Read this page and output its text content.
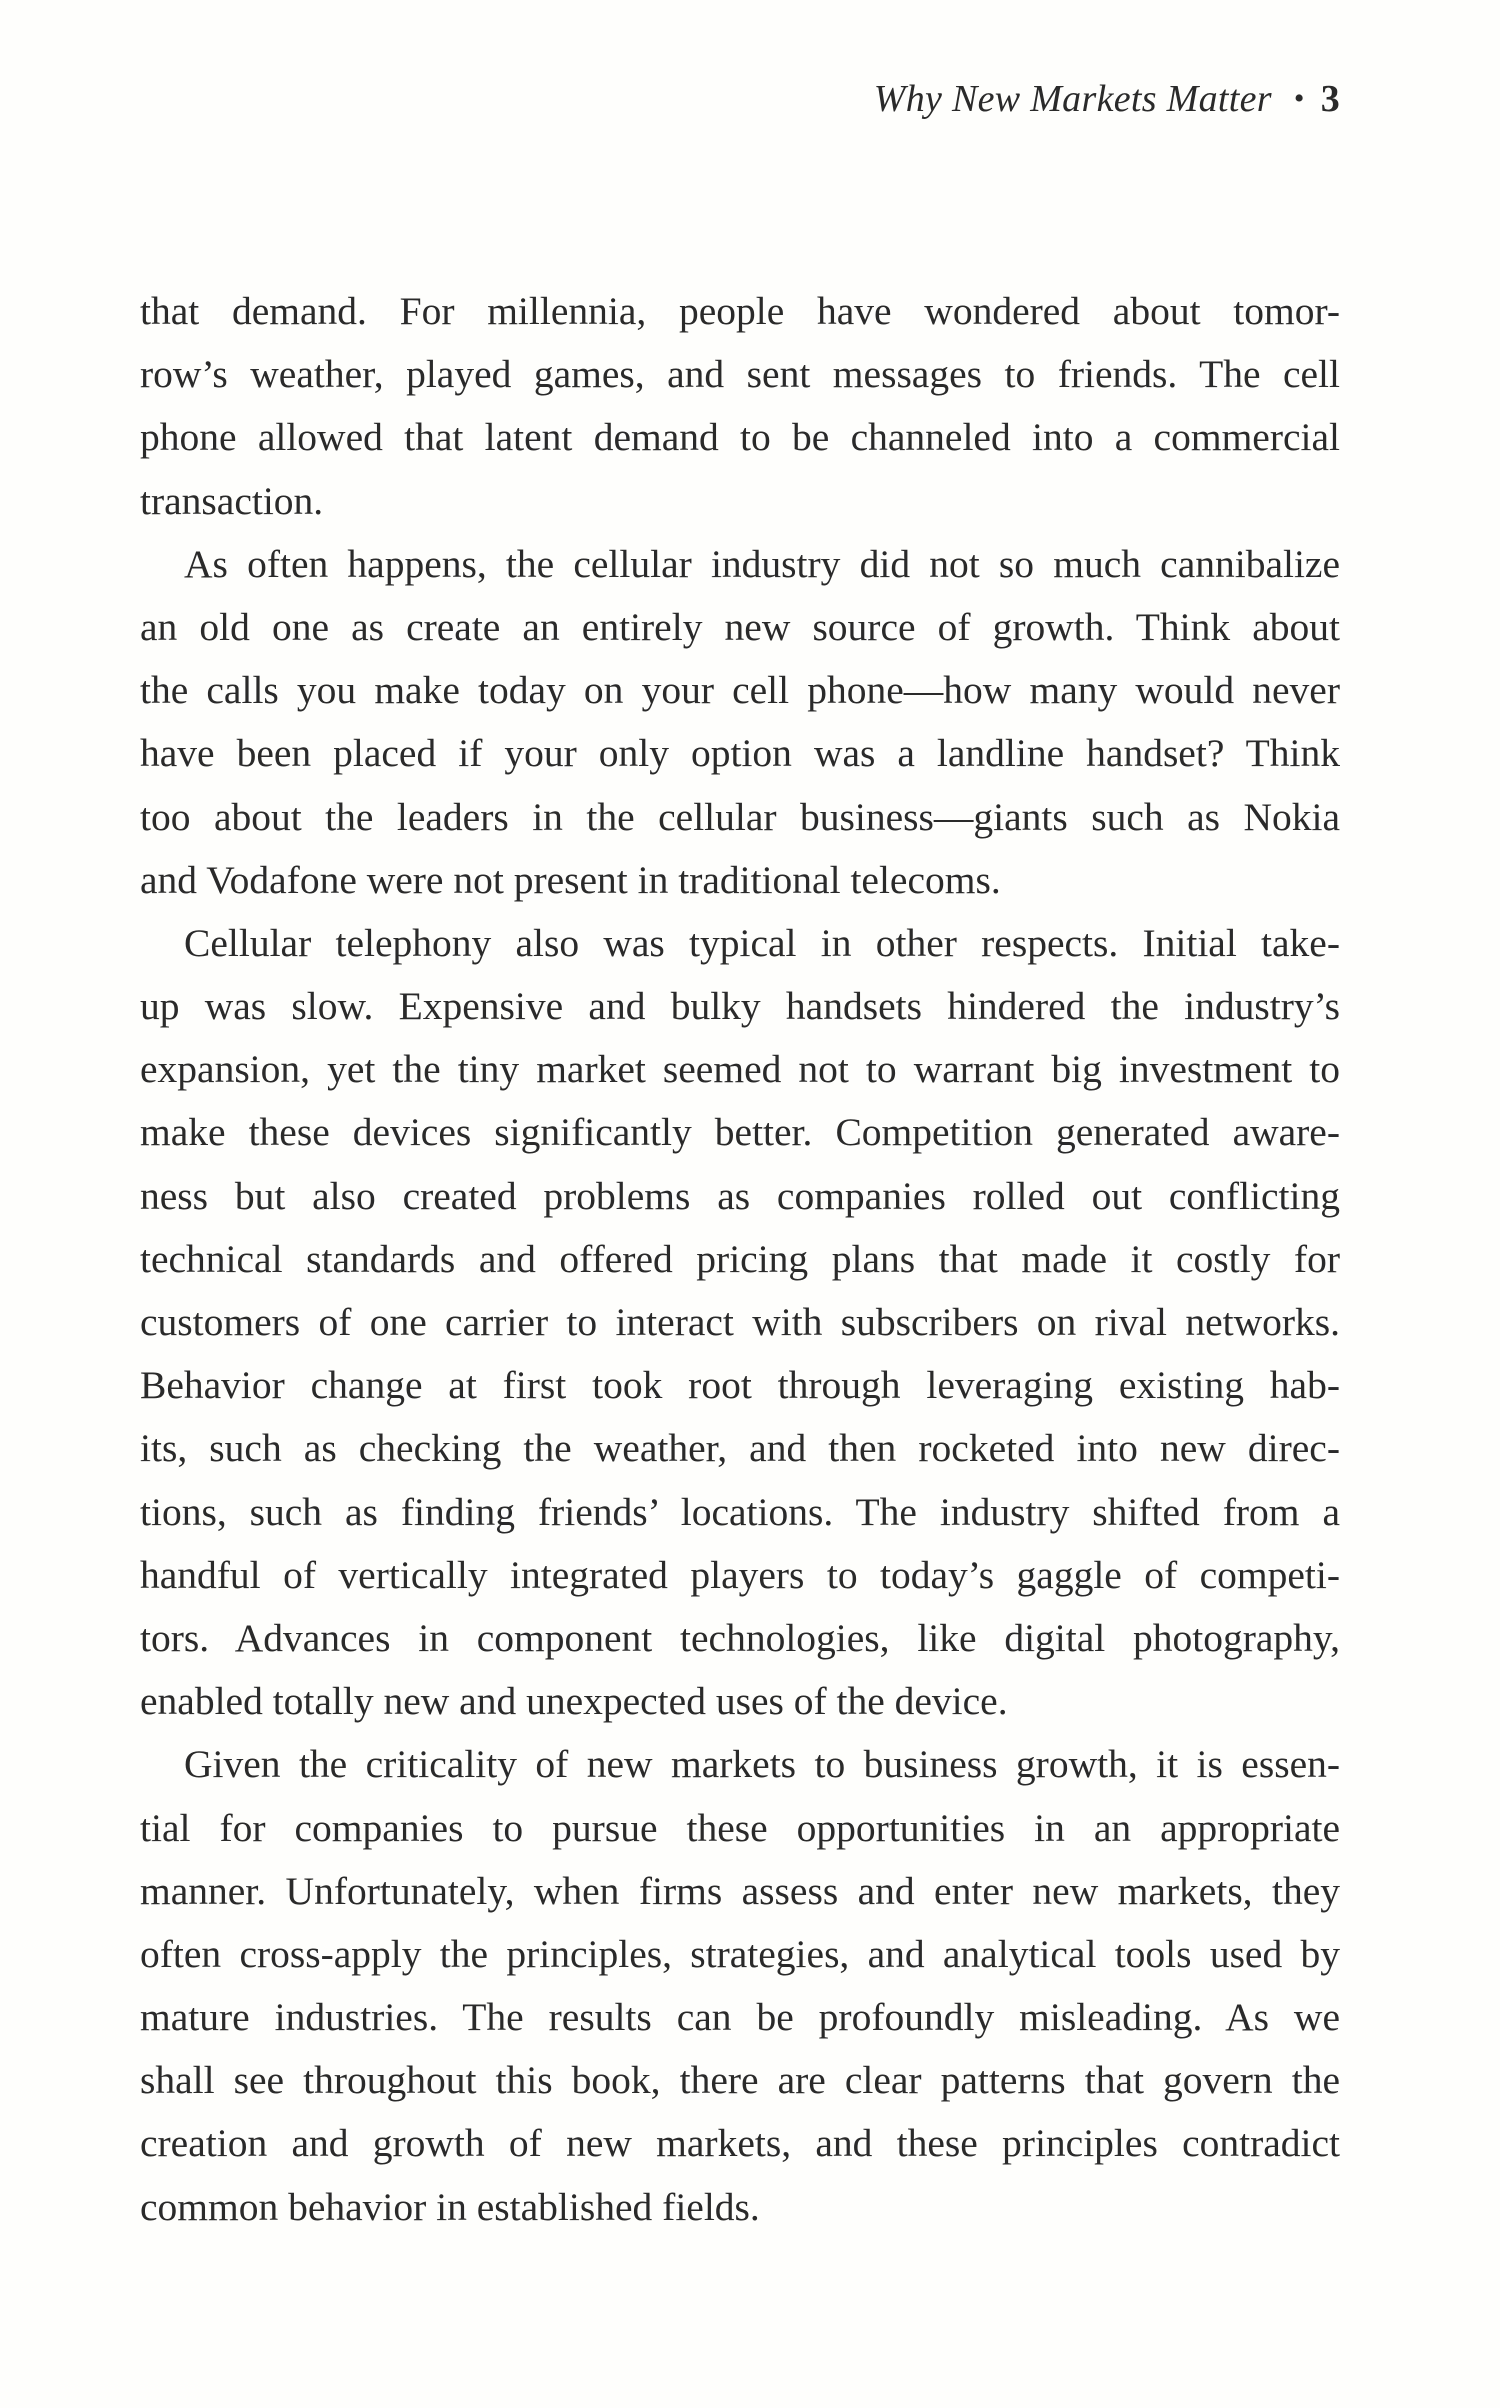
Why New Markets Matter • 3
that demand. For millennia, people have wondered about tomor-
row’s weather, played games, and sent messages to friends. The cell
phone allowed that latent demand to be channeled into a commercial
transaction.
As often happens, the cellular industry did not so much cannibalize
an old one as create an entirely new source of growth. Think about
the calls you make today on your cell phone—how many would never
have been placed if your only option was a landline handset? Think
too about the leaders in the cellular business—giants such as Nokia
and Vodafone were not present in traditional telecoms.
Cellular telephony also was typical in other respects. Initial take-
up was slow. Expensive and bulky handsets hindered the industry’s
expansion, yet the tiny market seemed not to warrant big investment to
make these devices significantly better. Competition generated aware-
ness but also created problems as companies rolled out conflicting
technical standards and offered pricing plans that made it costly for
customers of one carrier to interact with subscribers on rival networks.
Behavior change at first took root through leveraging existing hab-
its, such as checking the weather, and then rocketed into new direc-
tions, such as finding friends’ locations. The industry shifted from a
handful of vertically integrated players to today’s gaggle of competi-
tors. Advances in component technologies, like digital photography,
enabled totally new and unexpected uses of the device.
Given the criticality of new markets to business growth, it is essen-
tial for companies to pursue these opportunities in an appropriate
manner. Unfortunately, when firms assess and enter new markets, they
often cross-apply the principles, strategies, and analytical tools used by
mature industries. The results can be profoundly misleading. As we
shall see throughout this book, there are clear patterns that govern the
creation and growth of new markets, and these principles contradict
common behavior in established fields.
